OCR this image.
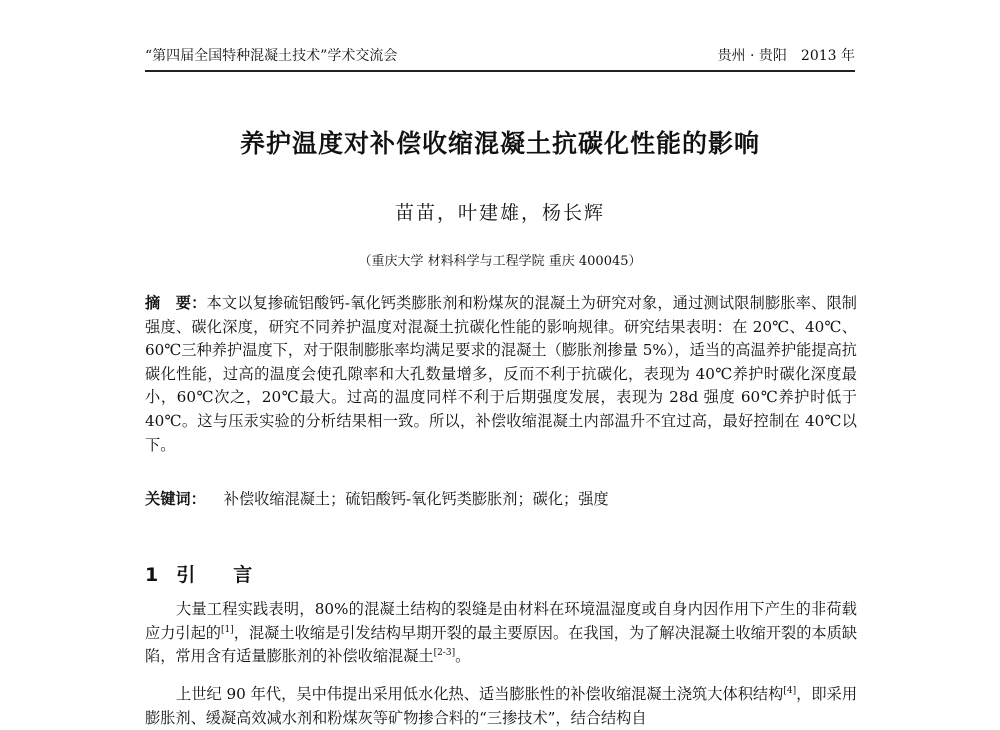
“第四届全国特种混凝土技术”学术交流会	贵州 · 贵阳　2013 年
养护温度对补偿收缩混凝土抗碳化性能的影响
苗苗，叶建雄，杨长辉
（重庆大学 材料科学与工程学院 重庆 400045）
摘　要：本文以复掺硫铝酸钙-氧化钙类膨胀剂和粉煤灰的混凝土为研究对象，通过测试限制膨胀率、限制强度、碳化深度，研究不同养护温度对混凝土抗碳化性能的影响规律。研究结果表明：在 20℃、40℃、60℃三种养护温度下，对于限制膨胀率均满足要求的混凝土（膨胀剂掺量 5%），适当的高温养护能提高抗碳化性能，过高的温度会使孔隙率和大孔数量增多，反而不利于抗碳化，表现为 40℃养护时碳化深度最小，60℃次之，20℃最大。过高的温度同样不利于后期强度发展，表现为 28d 强度 60℃养护时低于 40℃。这与压汞实验的分析结果相一致。所以，补偿收缩混凝土内部温升不宜过高，最好控制在 40℃以下。
关键词： 补偿收缩混凝土；硫铝酸钙-氧化钙类膨胀剂；碳化；强度
1 引 言
大量工程实践表明，80%的混凝土结构的裂缝是由材料在环境温湿度或自身内因作用下产生的非荷载应力引起的[1]，混凝土收缩是引发结构早期开裂的最主要原因。在我国，为了解决混凝土收缩开裂的本质缺陷，常用含有适量膨胀剂的补偿收缩混凝土[2-3]。
上世纪 90 年代，吴中伟提出采用低水化热、适当膨胀性的补偿收缩混凝土浇筑大体积结构[4]，即采用膨胀剂、缓凝高效减水剂和粉煤灰等矿物掺合料的“三掺技术”，结合结构自
